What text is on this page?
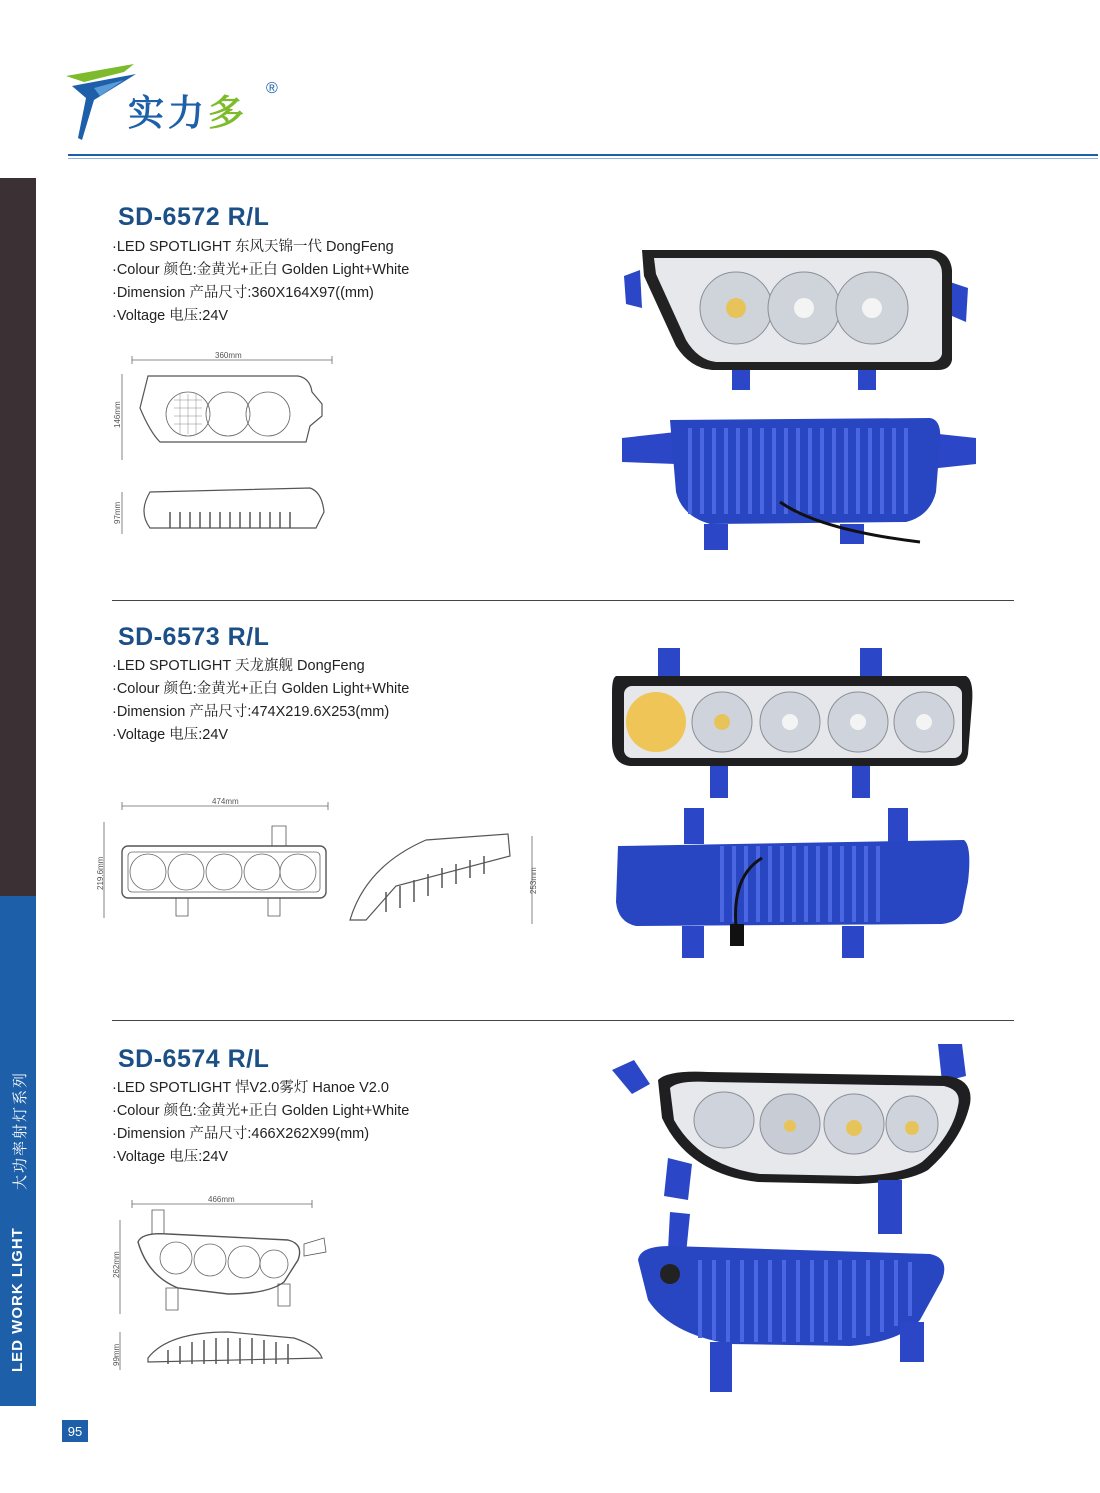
实力多
®
LED WORK LIGHT
大功率射灯系列
95
SD-6572 R/L
·LED SPOTLIGHT 东风天锦一代 DongFeng
·Colour 颜色:金黄光+正白 Golden Light+White
·Dimension 产品尺寸:360X164X97((mm)
·Voltage 电压:24V
360mm
146mm
97mm
SD-6573 R/L
·LED SPOTLIGHT 天龙旗舰 DongFeng
·Colour 颜色:金黄光+正白 Golden Light+White
·Dimension 产品尺寸:474X219.6X253(mm)
·Voltage 电压:24V
474mm
219.6mm	253mm
SD-6574 R/L
·LED SPOTLIGHT 悍V2.0雾灯 Hanoe V2.0
·Colour 颜色:金黄光+正白 Golden Light+White
·Dimension 产品尺寸:466X262X99(mm)
·Voltage 电压:24V
466mm
262mm
99mm
